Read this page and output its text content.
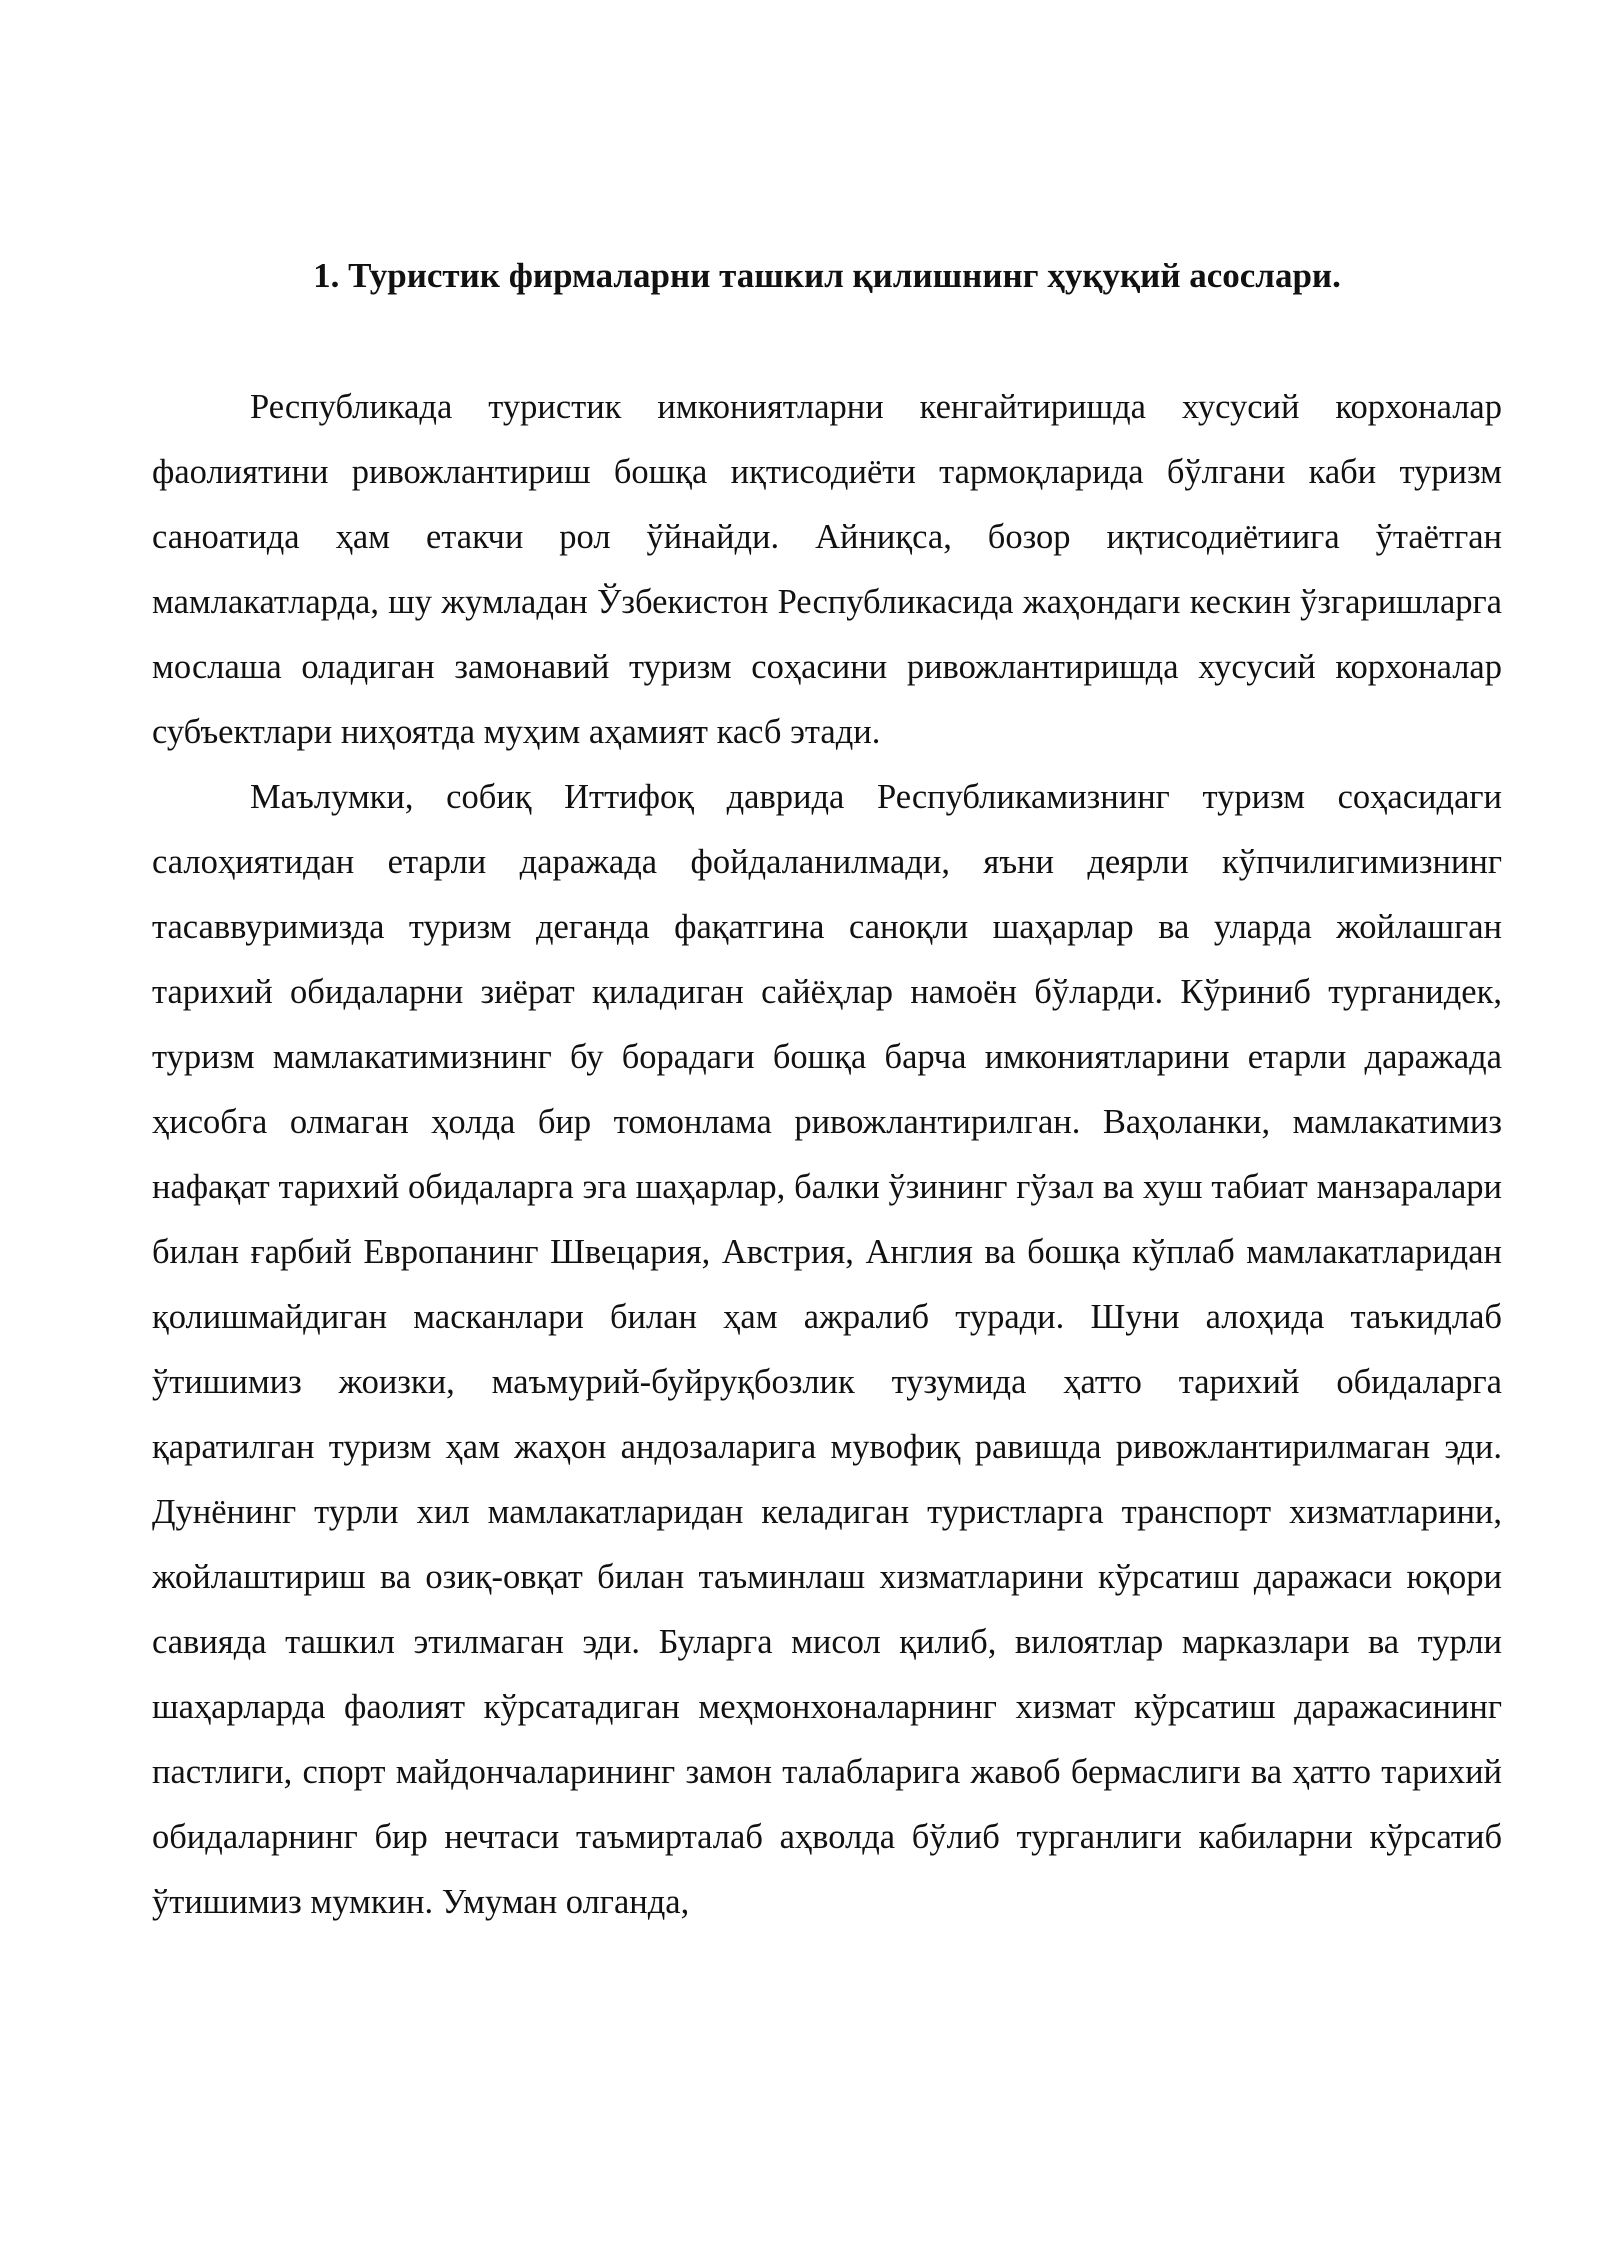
1. Туристик фирмаларни ташкил қилишнинг ҳуқуқий асослари.

Республикада туристик имкониятларни кенгайтиришда хусусий корхоналар фаолиятини ривожлантириш бошқа иқтисодиёти тармоқларида бўлгани каби туризм саноатида ҳам етакчи рол ўйнайди. Айниқса, бозор иқтисодиётиига ўтаётган мамлакатларда, шу жумладан Ўзбекистон Республикасида жаҳондаги кескин ўзгаришларга мослаша оладиган замонавий туризм соҳасини ривожлантиришда хусусий корхоналар субъектлари ниҳоятда муҳим аҳамият касб этади.

Маълумки, собиқ Иттифоқ даврида Республикамизнинг туризм соҳасидаги салоҳиятидан етарли даражада фойдаланилмади, яъни деярли кўпчилигимизнинг тасаввуримизда туризм деганда фақатгина саноқли шаҳарлар ва уларда жойлашган тарихий обидаларни зиёрат қиладиган сайёҳлар намоён бўларди. Кўриниб турганидек, туризм мамлакатимизнинг бу борадаги бошқа барча имкониятларини етарли даражада ҳисобга олмаган ҳолда бир томонлама ривожлантирилган. Ваҳоланки, мамлакатимиз нафақат тарихий обидаларга эга шаҳарлар, балки ўзининг гўзал ва хуш табиат манзаралари билан ғарбий Европанинг Швецария, Австрия, Англия ва бошқа кўплаб мамлакатларидан қолишмайдиган масканлари билан ҳам ажралиб туради. Шуни алоҳида таъкидлаб ўтишимиз жоизки, маъмурий-буйруқбозлик тузумида ҳатто тарихий обидаларга қаратилган туризм ҳам жаҳон андозаларига мувофиқ равишда ривожлантирилмаган эди. Дунёнинг турли хил мамлакатларидан келадиган туристларга транспорт хизматларини, жойлаштириш ва озиқ-овқат билан таъминлаш хизматларини кўрсатиш даражаси юқори савияда ташкил этилмаган эди. Буларга мисол қилиб, вилоятлар марказлари ва турли шаҳарларда фаолият кўрсатадиган меҳмонхоналарнинг хизмат кўрсатиш даражасининг пастлиги, спорт майдончаларининг замон талабларига жавоб бермаслиги ва ҳатто тарихий обидаларнинг бир нечтаси таъмирталаб аҳволда бўлиб турганлиги кабиларни кўрсатиб ўтишимиз мумкин. Умуман олганда,
